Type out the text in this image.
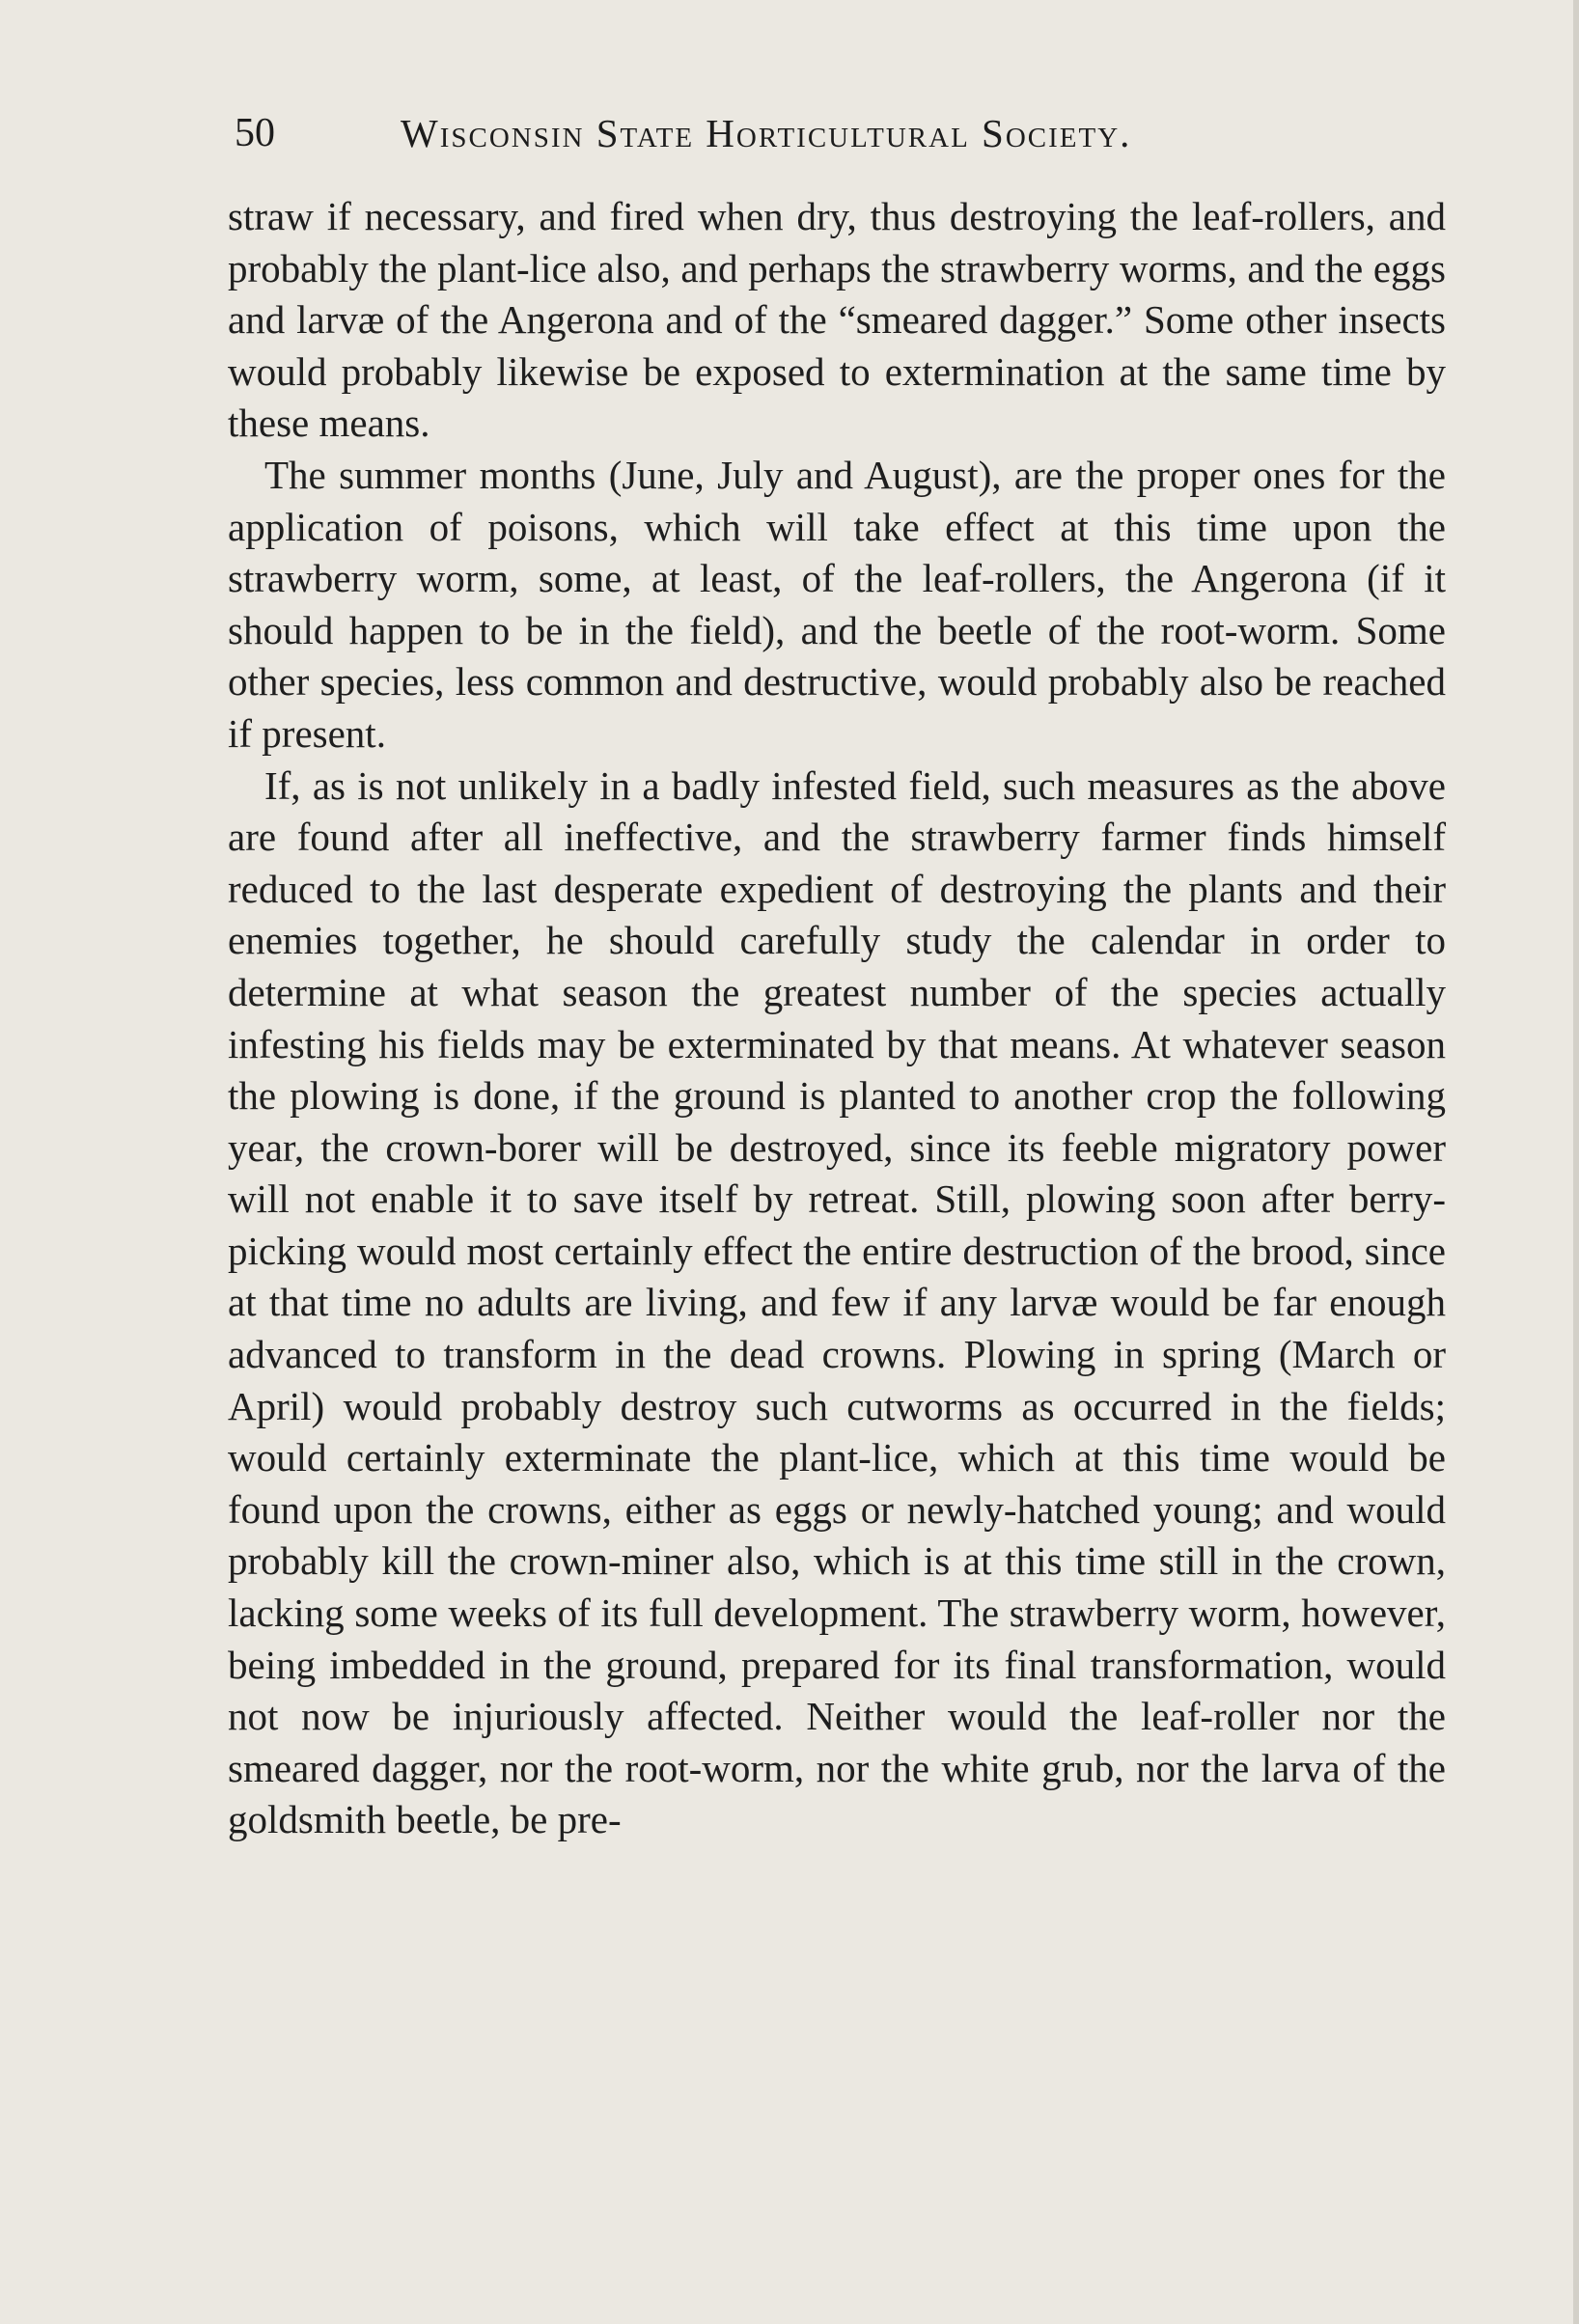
50	Wisconsin State Horticultural Society.

straw if necessary, and fired when dry, thus destroying the leaf-rollers, and probably the plant-lice also, and perhaps the strawberry worms, and the eggs and larvæ of the Angerona and of the “smeared dagger.” Some other insects would probably likewise be exposed to extermination at the same time by these means.

The summer months (June, July and August), are the proper ones for the application of poisons, which will take effect at this time upon the strawberry worm, some, at least, of the leaf-rollers, the Angerona (if it should happen to be in the field), and the beetle of the root-worm. Some other species, less common and destructive, would probably also be reached if present.

If, as is not unlikely in a badly infested field, such measures as the above are found after all ineffective, and the strawberry farmer finds himself reduced to the last desperate expedient of destroying the plants and their enemies together, he should carefully study the calendar in order to determine at what season the greatest number of the species actually infesting his fields may be exterminated by that means. At whatever season the plowing is done, if the ground is planted to another crop the following year, the crown-borer will be destroyed, since its feeble migratory power will not enable it to save itself by retreat. Still, plowing soon after berry-picking would most certainly effect the entire destruction of the brood, since at that time no adults are living, and few if any larvæ would be far enough advanced to transform in the dead crowns. Plowing in spring (March or April) would probably destroy such cutworms as occurred in the fields; would certainly exterminate the plant-lice, which at this time would be found upon the crowns, either as eggs or newly-hatched young; and would probably kill the crown-miner also, which is at this time still in the crown, lacking some weeks of its full development. The strawberry worm, however, being imbedded in the ground, prepared for its final transformation, would not now be injuriously affected. Neither would the leaf-roller nor the smeared dagger, nor the root-worm, nor the white grub, nor the larva of the goldsmith beetle, be pre-
